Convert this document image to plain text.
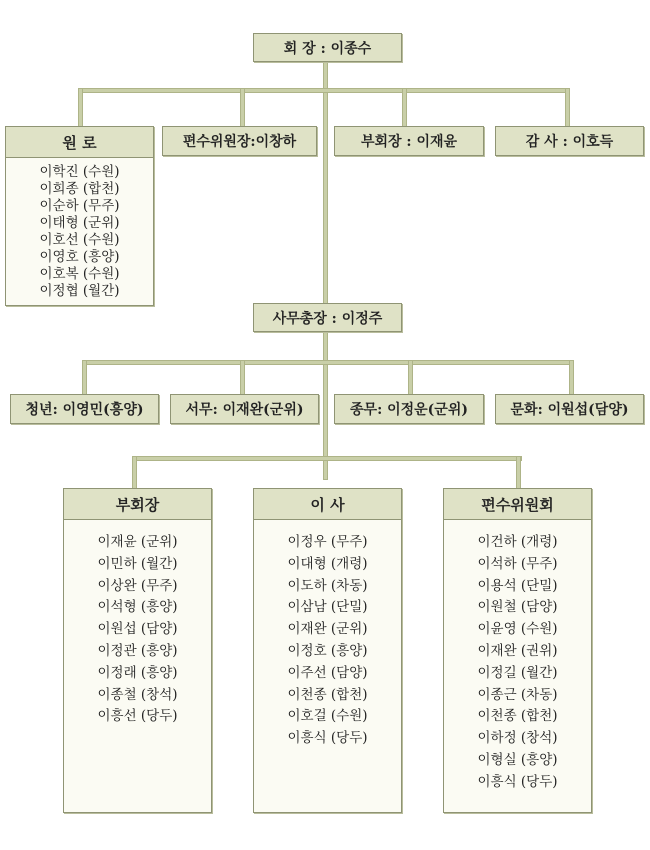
회 장 : 이종수
원 로
이학진 (수원)
이희종 (합천)
이순하 (무주)
이태형 (군위)
이호선 (수원)
이영호 (흥양)
이호복 (수원)
이정협 (월간)
편수위원장:이창하	부회장 : 이재윤	감 사 : 이호득
사무총장 : 이정주
청년: 이영민(흥양)	서무: 이재완(군위)	종무: 이정운(군위)	문화: 이원섭(담양)
부회장
이재윤 (군위)
이민하 (월간)
이상완 (무주)
이석형 (흥양)
이원섭 (담양)
이정관 (흥양)
이정래 (흥양)
이종철 (창석)
이흥선 (당두)
이 사
이정우 (무주)
이대형 (개령)
이도하 (차동)
이삼남 (단밀)
이재완 (군위)
이정호 (흥양)
이주선 (담양)
이천종 (합천)
이호걸 (수원)
이흥식 (당두)
편수위원회
이건하 (개령)
이석하 (무주)
이용석 (단밀)
이원철 (담양)
이윤영 (수원)
이재완 (권위)
이정길 (월간)
이종근 (차동)
이천종 (합천)
이하정 (창석)
이형실 (흥양)
이흥식 (당두)
